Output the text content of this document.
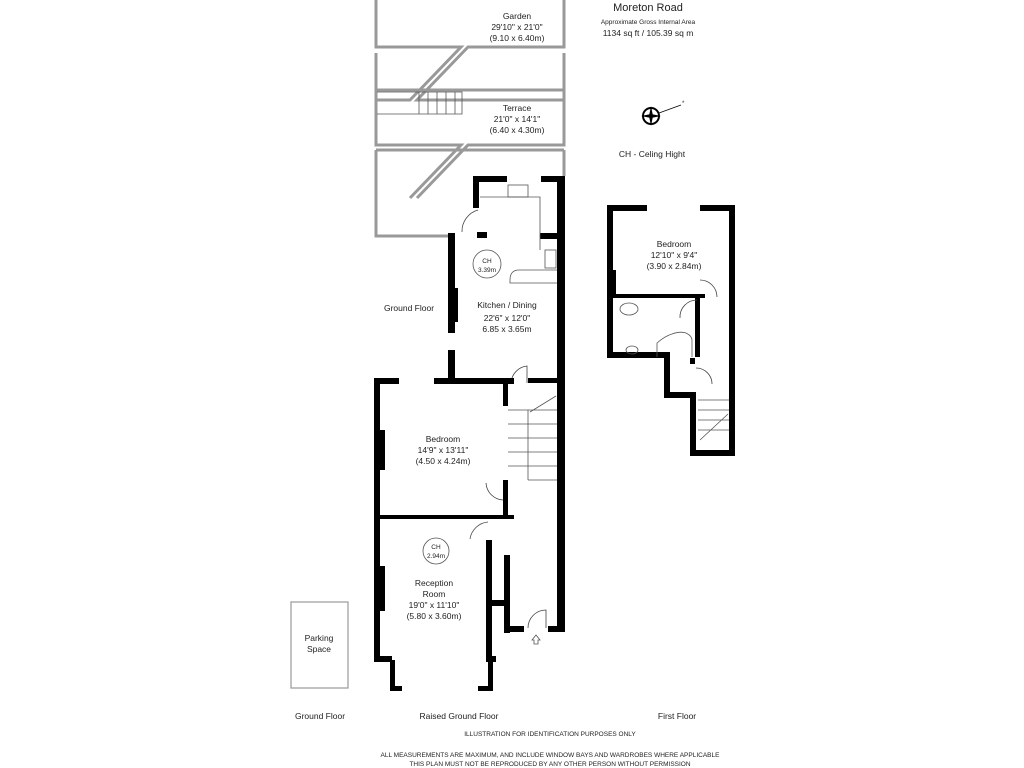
*
Moreton Road
Approximate Gross Internal Area
1134 sq ft / 105.39 sq m
CH - Celing Hight
Garden
29'10" x 21'0"
(9.10 x 6.40m)
Terrace
21'0" x 14'1"
(6.40 x 4.30m)
CH
3.39m
Kitchen / Dining
22'6" x 12'0"
6.85 x 3.65m
Bedroom
14'9" x 13'11"
(4.50 x 4.24m)
CH
2.94m
Reception
Room
19'0" x 11'10"
(5.80 x 3.60m)
Bedroom
12'10" x 9'4"
(3.90 x 2.84m)
Parking
Space
Ground Floor
Ground Floor	Raised Ground Floor	First Floor
ILLUSTRATION FOR IDENTIFICATION PURPOSES ONLY
ALL MEASUREMENTS ARE MAXIMUM, AND INCLUDE WINDOW BAYS AND WARDROBES WHERE APPLICABLE
THIS PLAN MUST NOT BE REPRODUCED BY ANY OTHER PERSON WITHOUT PERMISSION
